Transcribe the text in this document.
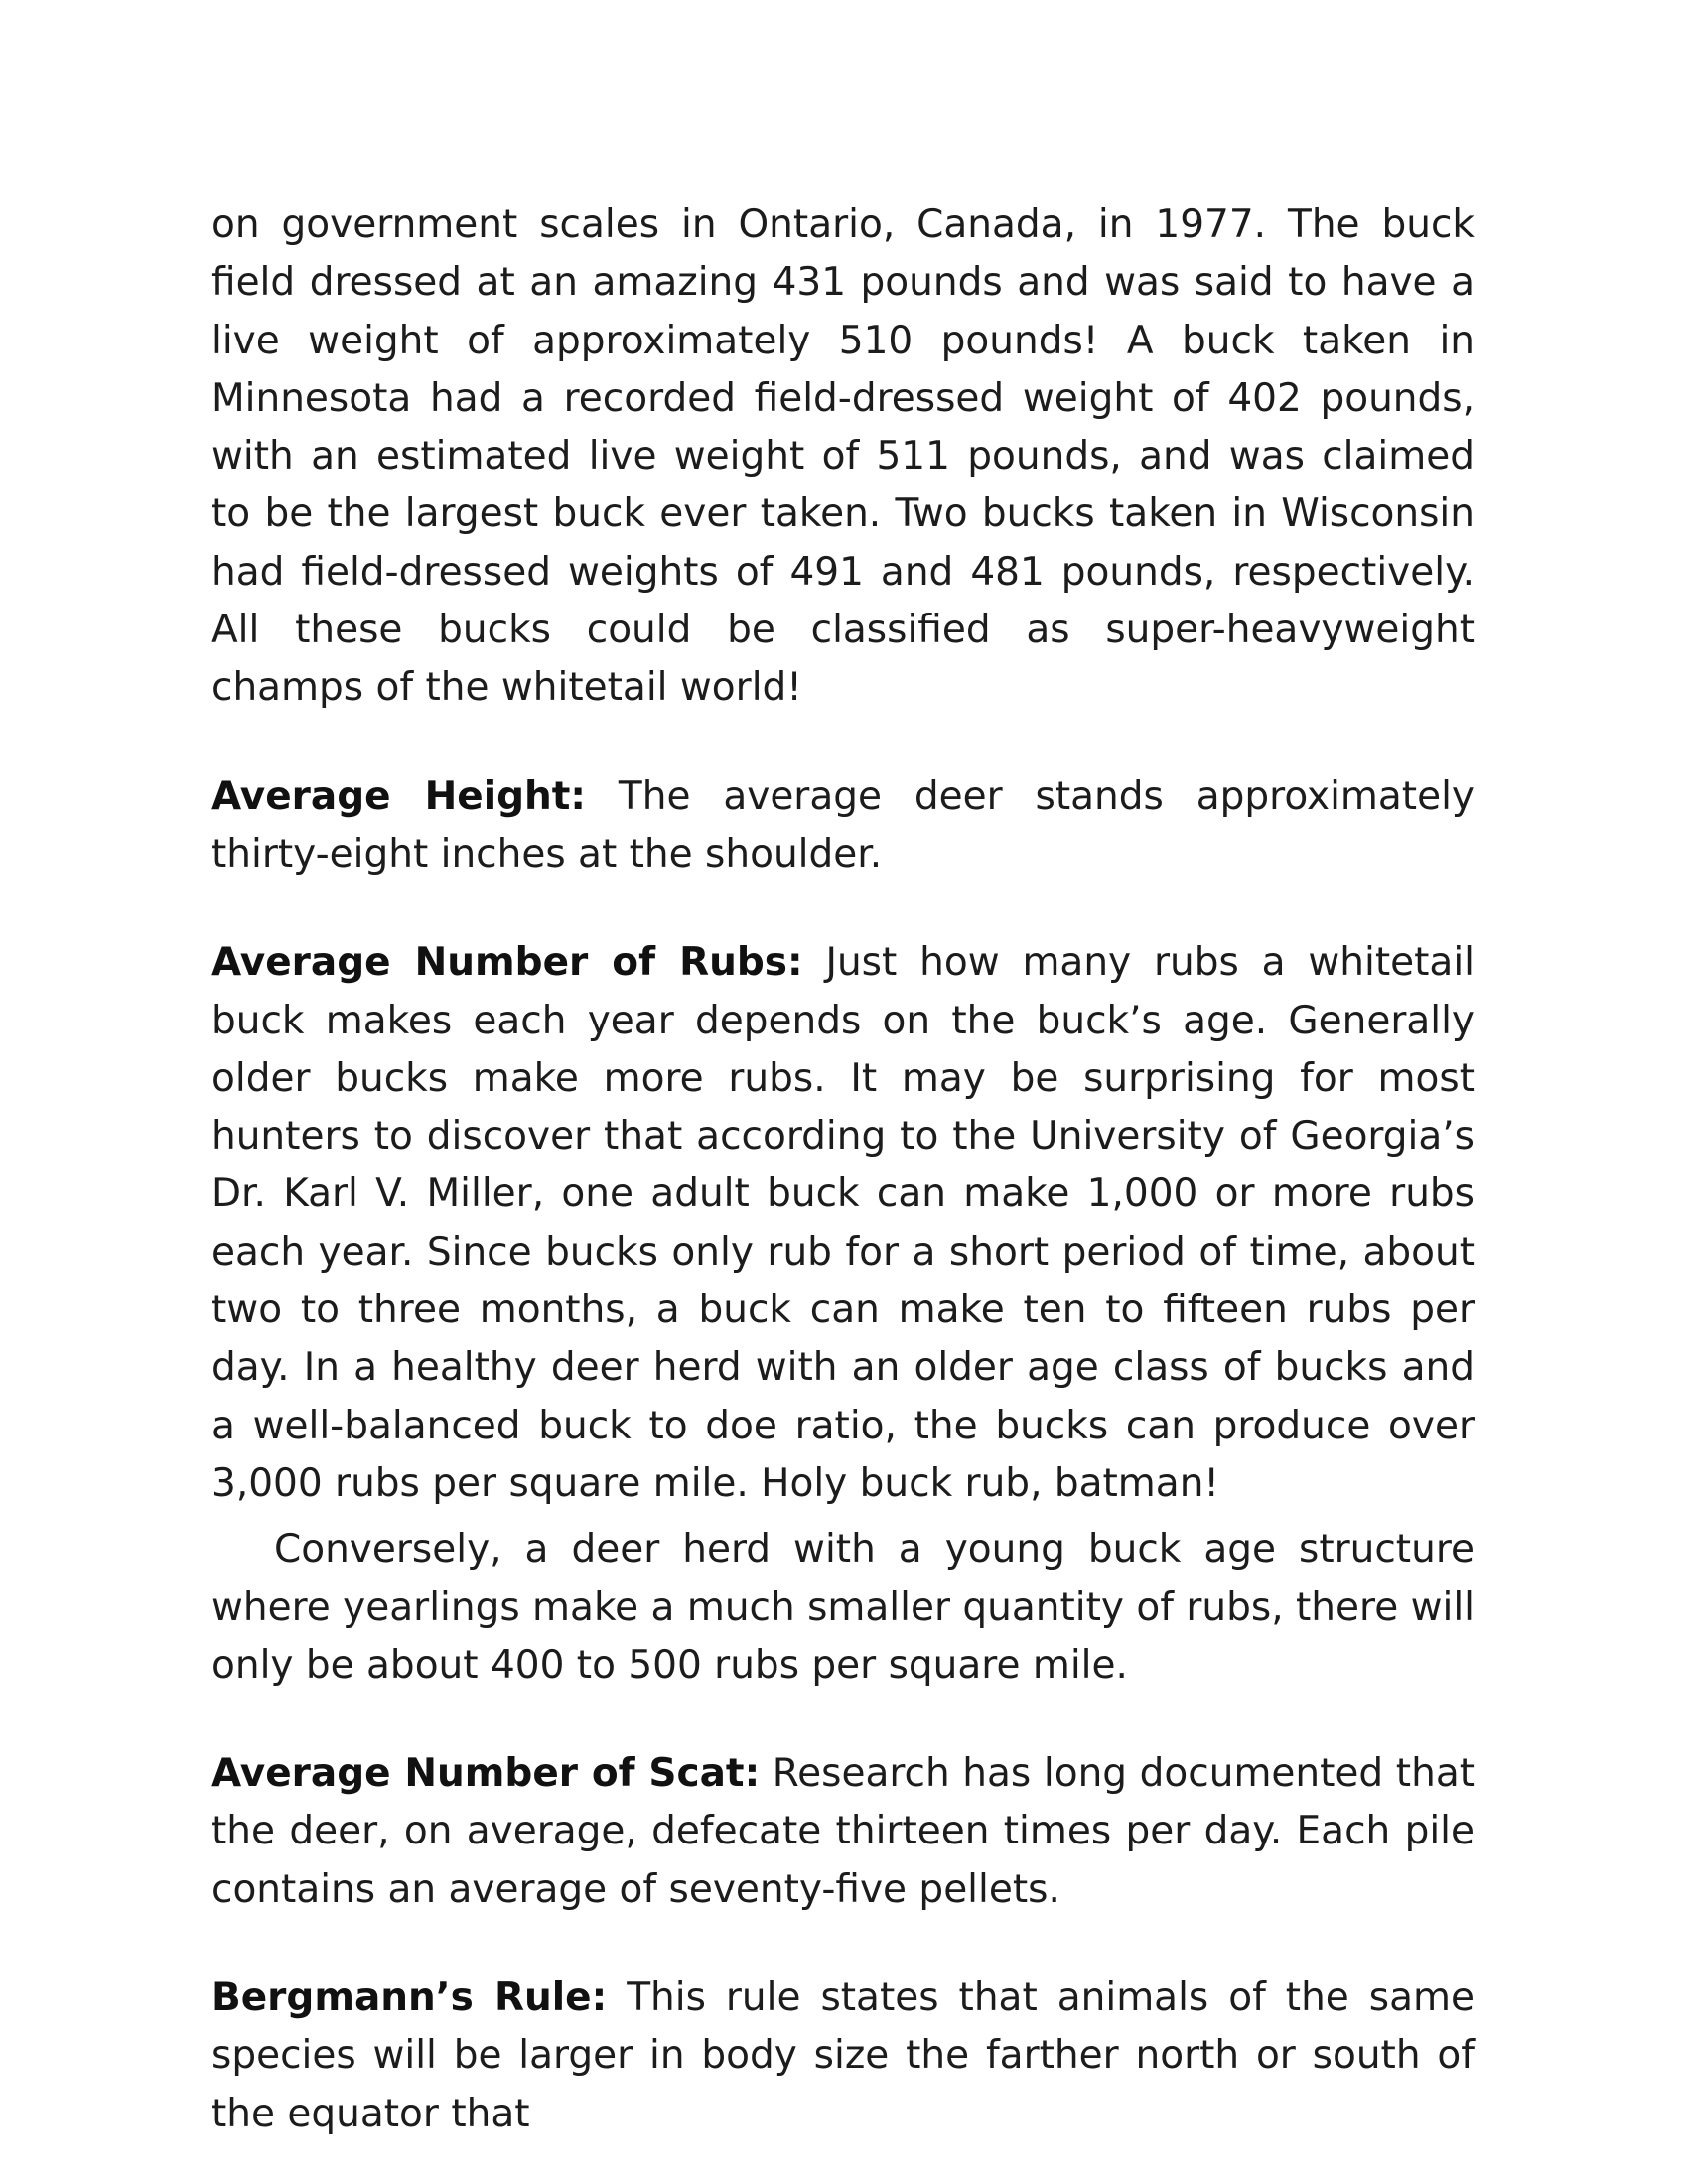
on government scales in Ontario, Canada, in 1977. The buck field dressed at an amazing 431 pounds and was said to have a live weight of approximately 510 pounds! A buck taken in Minnesota had a recorded field-dressed weight of 402 pounds, with an estimated live weight of 511 pounds, and was claimed to be the largest buck ever taken. Two bucks taken in Wisconsin had field-dressed weights of 491 and 481 pounds, respectively. All these bucks could be classified as super-heavyweight champs of the whitetail world!

Average Height: The average deer stands approximately thirty-eight inches at the shoulder.

Average Number of Rubs: Just how many rubs a whitetail buck makes each year depends on the buck’s age. Generally older bucks make more rubs. It may be surprising for most hunters to discover that according to the University of Georgia’s Dr. Karl V. Miller, one adult buck can make 1,000 or more rubs each year. Since bucks only rub for a short period of time, about two to three months, a buck can make ten to fifteen rubs per day. In a healthy deer herd with an older age class of bucks and a well-balanced buck to doe ratio, the bucks can produce over 3,000 rubs per square mile. Holy buck rub, batman!

Conversely, a deer herd with a young buck age structure where yearlings make a much smaller quantity of rubs, there will only be about 400 to 500 rubs per square mile.

Average Number of Scat: Research has long documented that the deer, on average, defecate thirteen times per day. Each pile contains an average of seventy-five pellets.

Bergmann’s Rule: This rule states that animals of the same species will be larger in body size the farther north or south of the equator that
